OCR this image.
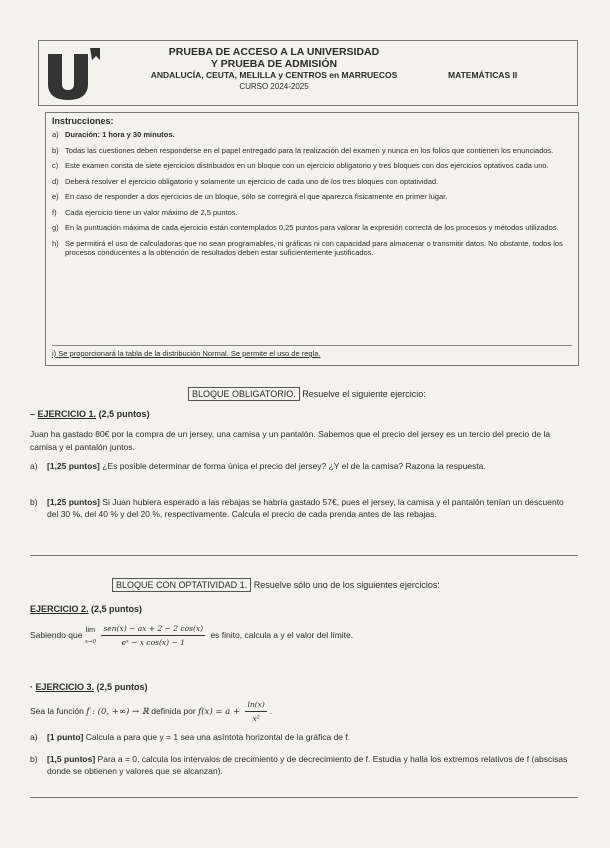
PRUEBA DE ACCESO A LA UNIVERSIDAD
Y PRUEBA DE ADMISIÓN
ANDALUCÍA, CEUTA, MELILLA y CENTROS en MARRUECOS
CURSO 2024-2025
MATEMÁTICAS II
Instrucciones:
a) Duración: 1 hora y 30 minutos.
b) Todas las cuestiones deben responderse en el papel entregado para la realización del examen y nunca en los folios que contienen los enunciados.
c) Este examen consta de siete ejercicios distribuidos en un bloque con un ejercicio obligatorio y tres bloques con dos ejercicios optativos cada uno.
d) Deberá resolver el ejercicio obligatorio y solamente un ejercicio de cada uno de los tres bloques con optatividad.
e) En caso de responder a dos ejercicios de un bloque, sólo se corregirá el que aparezca físicamente en primer lugar.
f)	Cada ejercicio tiene un valor máximo de 2,5 puntos.
g) En la puntuación máxima de cada ejercicio están contemplados 0,25 puntos para valorar la expresión correcta de los procesos y métodos utilizados.
h) Se permitirá el uso de calculadoras que no sean programables, ni gráficas ni con capacidad para almacenar o transmitir datos. No obstante, todos los procesos conducentes a la obtención de resultados deben estar suficientemente justificados.
i) Se proporcionará la tabla de la distribución Normal. Se permite el uso de regla.
BLOQUE OBLIGATORIO. Resuelve el siguiente ejercicio:
– EJERCICIO 1. (2,5 puntos)
Juan ha gastado 80€ por la compra de un jersey, una camisa y un pantalón. Sabemos que el precio del jersey es un tercio del precio de la camisa y el pantalón juntos.
a)	[1,25 puntos] ¿Es posible determinar de forma única el precio del jersey? ¿Y el de la camisa? Razona la respuesta.
b)	[1,25 puntos] Si Juan hubiera esperado a las rebajas se habría gastado 57€, pues el jersey, la camisa y el pantalón tenían un descuento del 30 %, del 40 % y del 20 %, respectivamente. Calcula el precio de cada prenda antes de las rebajas.
BLOQUE CON OPTATIVIDAD 1. Resuelve sólo uno de los siguientes ejercicios:
EJERCICIO 2. (2,5 puntos)
Sabiendo que
lim
x→0
$\frac{\text{sen(x) − ax + 2 − 2 cos(x)}}{\text{eˣ − x cos(x) − 1}}$ es finito, calcula a y el valor del límite.
· EJERCICIO 3. (2,5 puntos)
Sea la función f : (0, +∞) → ℝ definida por $f(x) = a + \frac{\ln(x)}{\text{x²}}$ .
a)	[1 punto] Calcula a para que y = 1 sea una asíntota horizontal de la gráfica de f.
b)	[1,5 puntos] Para a = 0, calcula los intervalos de crecimiento y de decrecimiento de f. Estudia y halla los extremos relativos de f (abscisas donde se obtienen y valores que se alcanzan).
